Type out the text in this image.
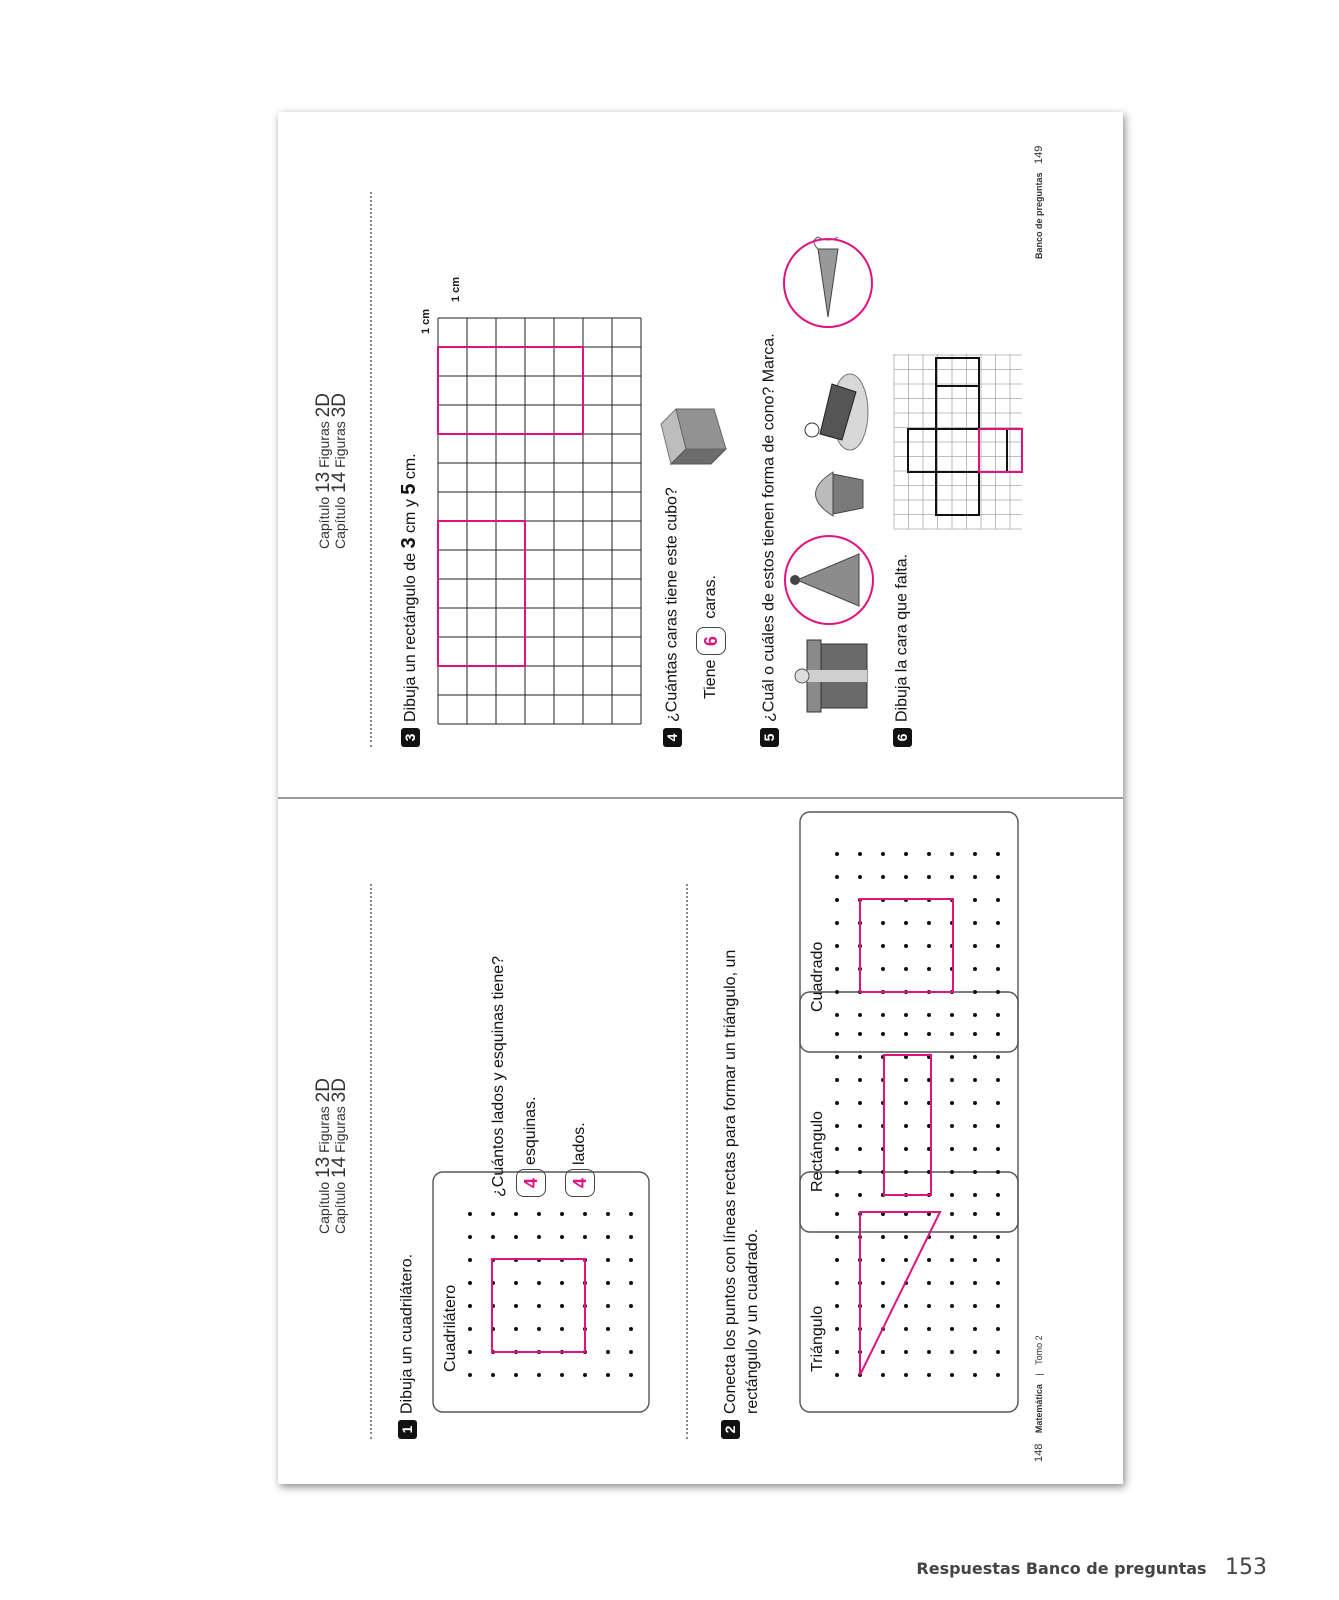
Capítulo 13 Figuras 2D
Capítulo 14 Figuras 3D
1Dibuja un cuadrilátero. Cuadrilátero
¿Cuántos lados y esquinas tiene? 4esquinas.
4lados.
2Conecta los puntos con líneas rectas para formar un triángulo, un rectángulo y un cuadrado.	Triángulo
Rectángulo
Cuadrado
148 Matemática | Tomo 2
Capítulo 13 Figuras 2D
Capítulo 14 Figuras 3D
3Dibuja un rectángulo de 3 cm y 5 cm.
1 cm
1 cm
4¿Cuántas caras tiene este cubo?	Tiene 6 caras.
5¿Cuál o cuáles de estos tienen forma de cono? Marca.
6Dibuja la cara que falta.
Banco de preguntas 149
Respuestas Banco de preguntas 153
